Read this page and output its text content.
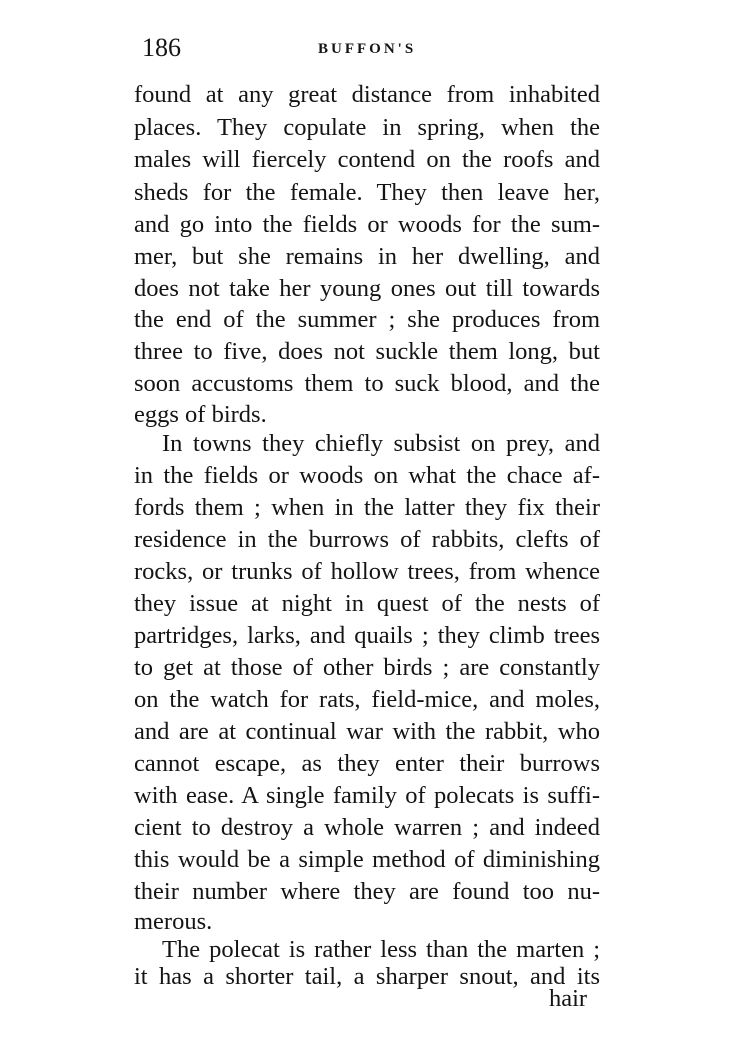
186	BUFFON'S
found at any great distance from inhabited
places. They copulate in spring, when the
males will fiercely contend on the roofs and
sheds for the female. They then leave her,
and go into the fields or woods for the sum-
mer, but she remains in her dwelling, and
does not take her young ones out till towards
the end of the summer ; she produces from
three to five, does not suckle them long, but
soon accustoms them to suck blood, and the
eggs of birds.
In towns they chiefly subsist on prey, and
in the fields or woods on what the chace af-
fords them ; when in the latter they fix their
residence in the burrows of rabbits, clefts of
rocks, or trunks of hollow trees, from whence
they issue at night in quest of the nests of
partridges, larks, and quails ; they climb trees
to get at those of other birds ; are constantly
on the watch for rats, field-mice, and moles,
and are at continual war with the rabbit, who
cannot escape, as they enter their burrows
with ease. A single family of polecats is suffi-
cient to destroy a whole warren ; and indeed
this would be a simple method of diminishing
their number where they are found too nu-
merous.
The polecat is rather less than the marten ;
it has a shorter tail, a sharper snout, and its
hair
